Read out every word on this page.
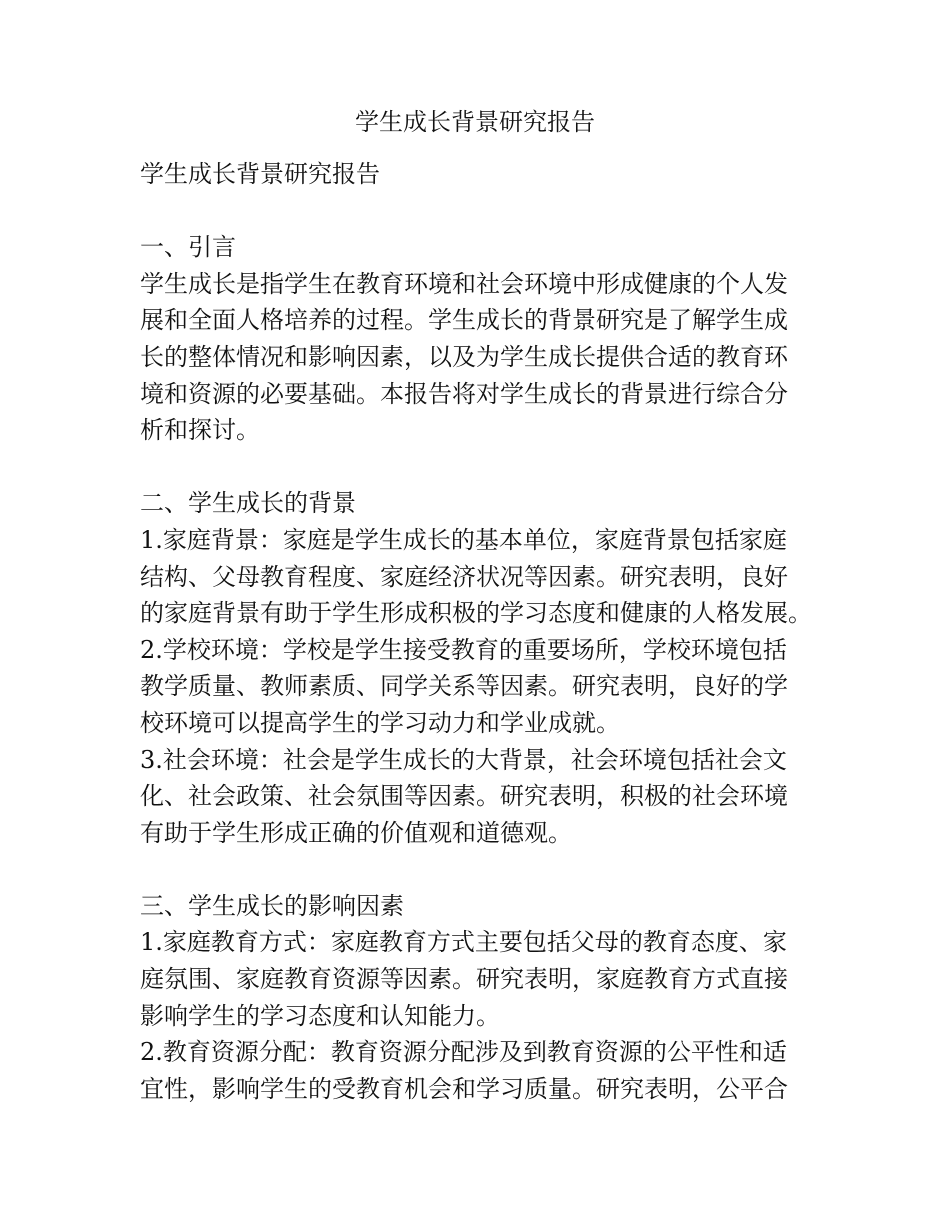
学生成长背景研究报告
学生成长背景研究报告
一、引言
学生成长是指学生在教育环境和社会环境中形成健康的个人发
展和全面人格培养的过程。学生成长的背景研究是了解学生成
长的整体情况和影响因素，以及为学生成长提供合适的教育环
境和资源的必要基础。本报告将对学生成长的背景进行综合分
析和探讨。
二、学生成长的背景
1.家庭背景：家庭是学生成长的基本单位，家庭背景包括家庭
结构、父母教育程度、家庭经济状况等因素。研究表明，良好
的家庭背景有助于学生形成积极的学习态度和健康的人格发展。
2.学校环境：学校是学生接受教育的重要场所，学校环境包括
教学质量、教师素质、同学关系等因素。研究表明，良好的学
校环境可以提高学生的学习动力和学业成就。
3.社会环境：社会是学生成长的大背景，社会环境包括社会文
化、社会政策、社会氛围等因素。研究表明，积极的社会环境
有助于学生形成正确的价值观和道德观。
三、学生成长的影响因素
1.家庭教育方式：家庭教育方式主要包括父母的教育态度、家
庭氛围、家庭教育资源等因素。研究表明，家庭教育方式直接
影响学生的学习态度和认知能力。
2.教育资源分配：教育资源分配涉及到教育资源的公平性和适
宜性，影响学生的受教育机会和学习质量。研究表明，公平合
